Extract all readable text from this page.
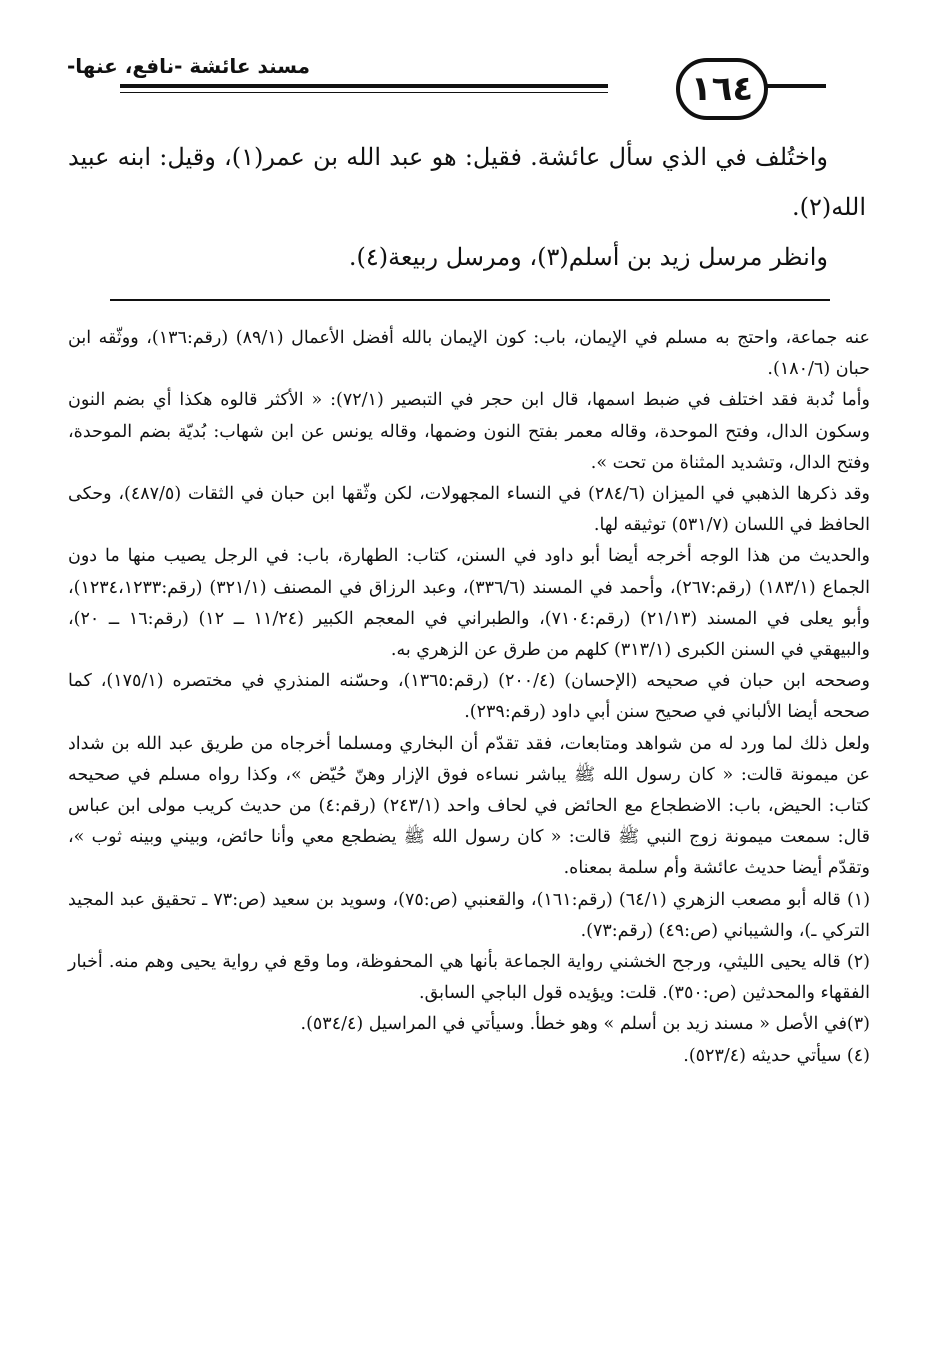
١٦٤
مسند عائشة -نافع، عنها-

واختُلف في الذي سأل عائشة. فقيل: هو عبد الله بن عمر(١)، وقيل: ابنه عبيد الله(٢).

وانظر مرسل زيد بن أسلم(٣)، ومرسل ربيعة(٤).

عنه جماعة، واحتج به مسلم في الإيمان، باب: كون الإيمان بالله أفضل الأعمال (٨٩/١) (رقم:١٣٦)، ووثّقه ابن حبان (١٨٠/٦).

وأما نُدبة فقد اختلف في ضبط اسمها، قال ابن حجر في التبصير (٧٢/١): « الأكثر قالوه هكذا أي بضم النون وسكون الدال، وفتح الموحدة، وقاله معمر بفتح النون وضمها، وقاله يونس عن ابن شهاب: بُديّة بضم الموحدة، وفتح الدال، وتشديد المثناة من تحت ».

وقد ذكرها الذهبي في الميزان (٢٨٤/٦) في النساء المجهولات، لكن وثّقها ابن حبان في الثقات (٤٨٧/٥)، وحكى الحافظ في اللسان (٥٣١/٧) توثيقه لها.

والحديث من هذا الوجه أخرجه أيضا أبو داود في السنن، كتاب: الطهارة، باب: في الرجل يصيب منها ما دون الجماع (١٨٣/١) (رقم:٢٦٧)، وأحمد في المسند (٣٣٦/٦)، وعبد الرزاق في المصنف (٣٢١/١) (رقم:١٢٣٤،١٢٣٣)، وأبو يعلى في المسند (٢١/١٣) (رقم:٧١٠٤)، والطبراني في المعجم الكبير (١١/٢٤ ــ ١٢) (رقم:١٦ ــ ٢٠)، والبيهقي في السنن الكبرى (٣١٣/١) كلهم من طرق عن الزهري به.

وصححه ابن حبان في صحيحه (الإحسان) (٢٠٠/٤) (رقم:١٣٦٥)، وحسّنه المنذري في مختصره (١٧٥/١)، كما صححه أيضا الألباني في صحيح سنن أبي داود (رقم:٢٣٩).

ولعل ذلك لما ورد له من شواهد ومتابعات، فقد تقدّم أن البخاري ومسلما أخرجاه من طريق عبد الله بن شداد عن ميمونة قالت: « كان رسول الله ﷺ يباشر نساءه فوق الإزار وهنّ حُيّض »، وكذا رواه مسلم في صحيحه كتاب: الحيض، باب: الاضطجاع مع الحائض في لحاف واحد (٢٤٣/١) (رقم:٤) من حديث كريب مولى ابن عباس قال: سمعت ميمونة زوج النبي ﷺ قالت: « كان رسول الله ﷺ يضطجع معي وأنا حائض، وبيني وبينه ثوب »، وتقدّم أيضا حديث عائشة وأم سلمة بمعناه.

(١) قاله أبو مصعب الزهري (٦٤/١) (رقم:١٦١)، والقعنبي (ص:٧٥)، وسويد بن سعيد (ص:٧٣ ـ تحقيق عبد المجيد التركي ـ)، والشيباني (ص:٤٩) (رقم:٧٣).

(٢) قاله يحيى الليثي، ورجح الخشني رواية الجماعة بأنها هي المحفوظة، وما وقع في رواية يحيى وهم منه. أخبار الفقهاء والمحدثين (ص:٣٥٠). قلت: ويؤيده قول الباجي السابق.

(٣)في الأصل « مسند زيد بن أسلم » وهو خطأ. وسيأتي في المراسيل (٥٣٤/٤).

(٤) سيأتي حديثه (٥٢٣/٤).
